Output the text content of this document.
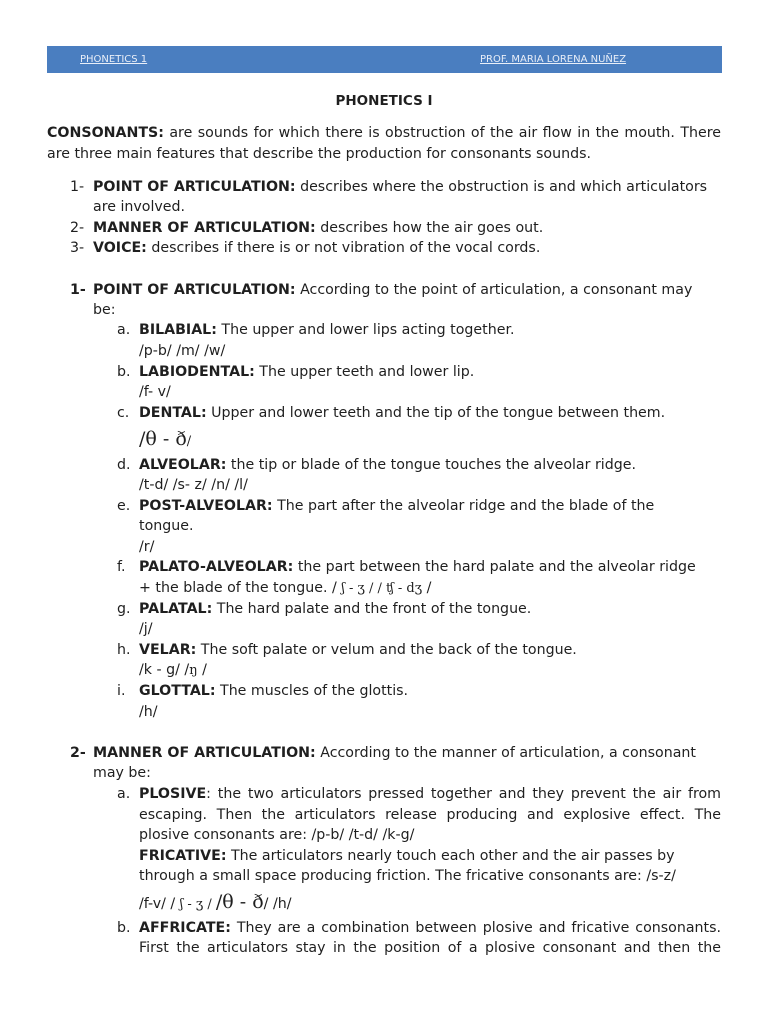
PHONETICS 1	PROF. MARIA LORENA NUÑEZ
PHONETICS I
CONSONANTS: are sounds for which there is obstruction of the air flow in the mouth. There
are three main features that describe the production for consonants sounds.
1- POINT OF ARTICULATION: describes where the obstruction is and which articulators
are involved.
2- MANNER OF ARTICULATION: describes how the air goes out.
3- VOICE: describes if there is or not vibration of the vocal cords.
1- POINT OF ARTICULATION: According to the point of articulation, a consonant may
be:
a. BILABIAL: The upper and lower lips acting together.
/p-b/ /m/ /w/
b. LABIODENTAL: The upper teeth and lower lip.
/f- v/
c. DENTAL: Upper and lower teeth and the tip of the tongue between them.
/θ - ð/
d. ALVEOLAR: the tip or blade of the tongue touches the alveolar ridge.
/t-d/ /s- z/ /n/ /l/
e. POST-ALVEOLAR: The part after the alveolar ridge and the blade of the
tongue.
/r/
f. PALATO-ALVEOLAR: the part between the hard palate and the alveolar ridge
+ the blade of the tongue. / ʃ - ʒ / / ʧ - dʒ /
g. PALATAL: The hard palate and the front of the tongue.
/j/
h. VELAR: The soft palate or velum and the back of the tongue.
/k - g/ /ŋ /
i. GLOTTAL: The muscles of the glottis.
/h/
2- MANNER OF ARTICULATION: According to the manner of articulation, a consonant
may be:
a. PLOSIVE: the two articulators pressed together and they prevent the air from
escaping. Then the articulators release producing and explosive effect. The
plosive consonants are: /p-b/ /t-d/ /k-g/
FRICATIVE: The articulators nearly touch each other and the air passes by
through a small space producing friction. The fricative consonants are: /s-z/
/f-v/ / ʃ - ʒ / /θ - ð/ /h/
b. AFFRICATE: They are a combination between plosive and fricative consonants.
First the articulators stay in the position of a plosive consonant and then the
